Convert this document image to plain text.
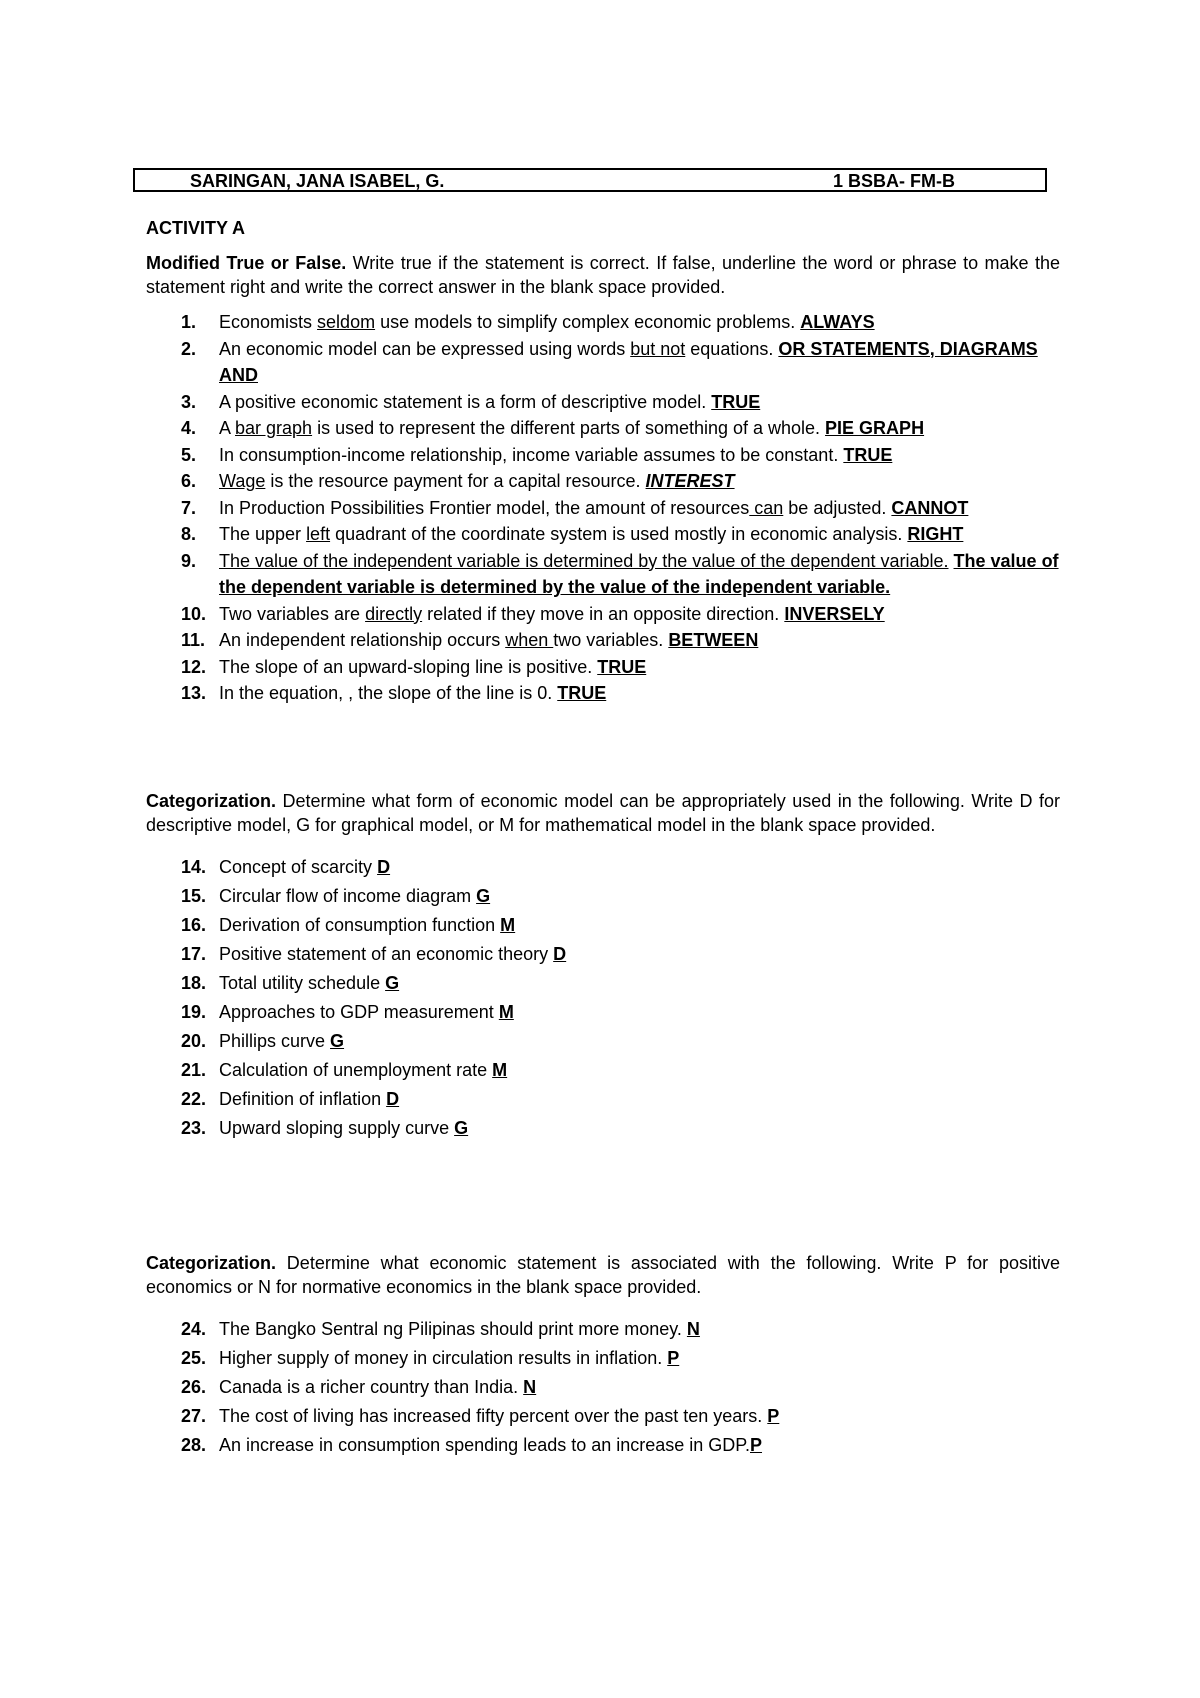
SARINGAN, JANA ISABEL, G.	1 BSBA- FM-B
ACTIVITY A
Modified True or False. Write true if the statement is correct. If false, underline the word or phrase to make the statement right and write the correct answer in the blank space provided.
1. Economists seldom use models to simplify complex economic problems. ALWAYS
2. An economic model can be expressed using words but not equations. OR STATEMENTS, DIAGRAMS AND
3. A positive economic statement is a form of descriptive model. TRUE
4. A bar graph is used to represent the different parts of something of a whole. PIE GRAPH
5. In consumption-income relationship, income variable assumes to be constant. TRUE
6. Wage is the resource payment for a capital resource. INTEREST
7. In Production Possibilities Frontier model, the amount of resources can be adjusted. CANNOT
8. The upper left quadrant of the coordinate system is used mostly in economic analysis. RIGHT
9. The value of the independent variable is determined by the value of the dependent variable. The value of the dependent variable is determined by the value of the independent variable.
10. Two variables are directly related if they move in an opposite direction. INVERSELY
11. An independent relationship occurs when two variables. BETWEEN
12. The slope of an upward-sloping line is positive. TRUE
13. In the equation, , the slope of the line is 0. TRUE
Categorization. Determine what form of economic model can be appropriately used in the following. Write D for descriptive model, G for graphical model, or M for mathematical model in the blank space provided.
14. Concept of scarcity D
15. Circular flow of income diagram G
16. Derivation of consumption function M
17. Positive statement of an economic theory D
18. Total utility schedule G
19. Approaches to GDP measurement M
20. Phillips curve G
21. Calculation of unemployment rate M
22. Definition of inflation D
23. Upward sloping supply curve G
Categorization. Determine what economic statement is associated with the following. Write P for positive economics or N for normative economics in the blank space provided.
24. The Bangko Sentral ng Pilipinas should print more money. N
25. Higher supply of money in circulation results in inflation. P
26. Canada is a richer country than India. N
27. The cost of living has increased fifty percent over the past ten years. P
28. An increase in consumption spending leads to an increase in GDP.P
